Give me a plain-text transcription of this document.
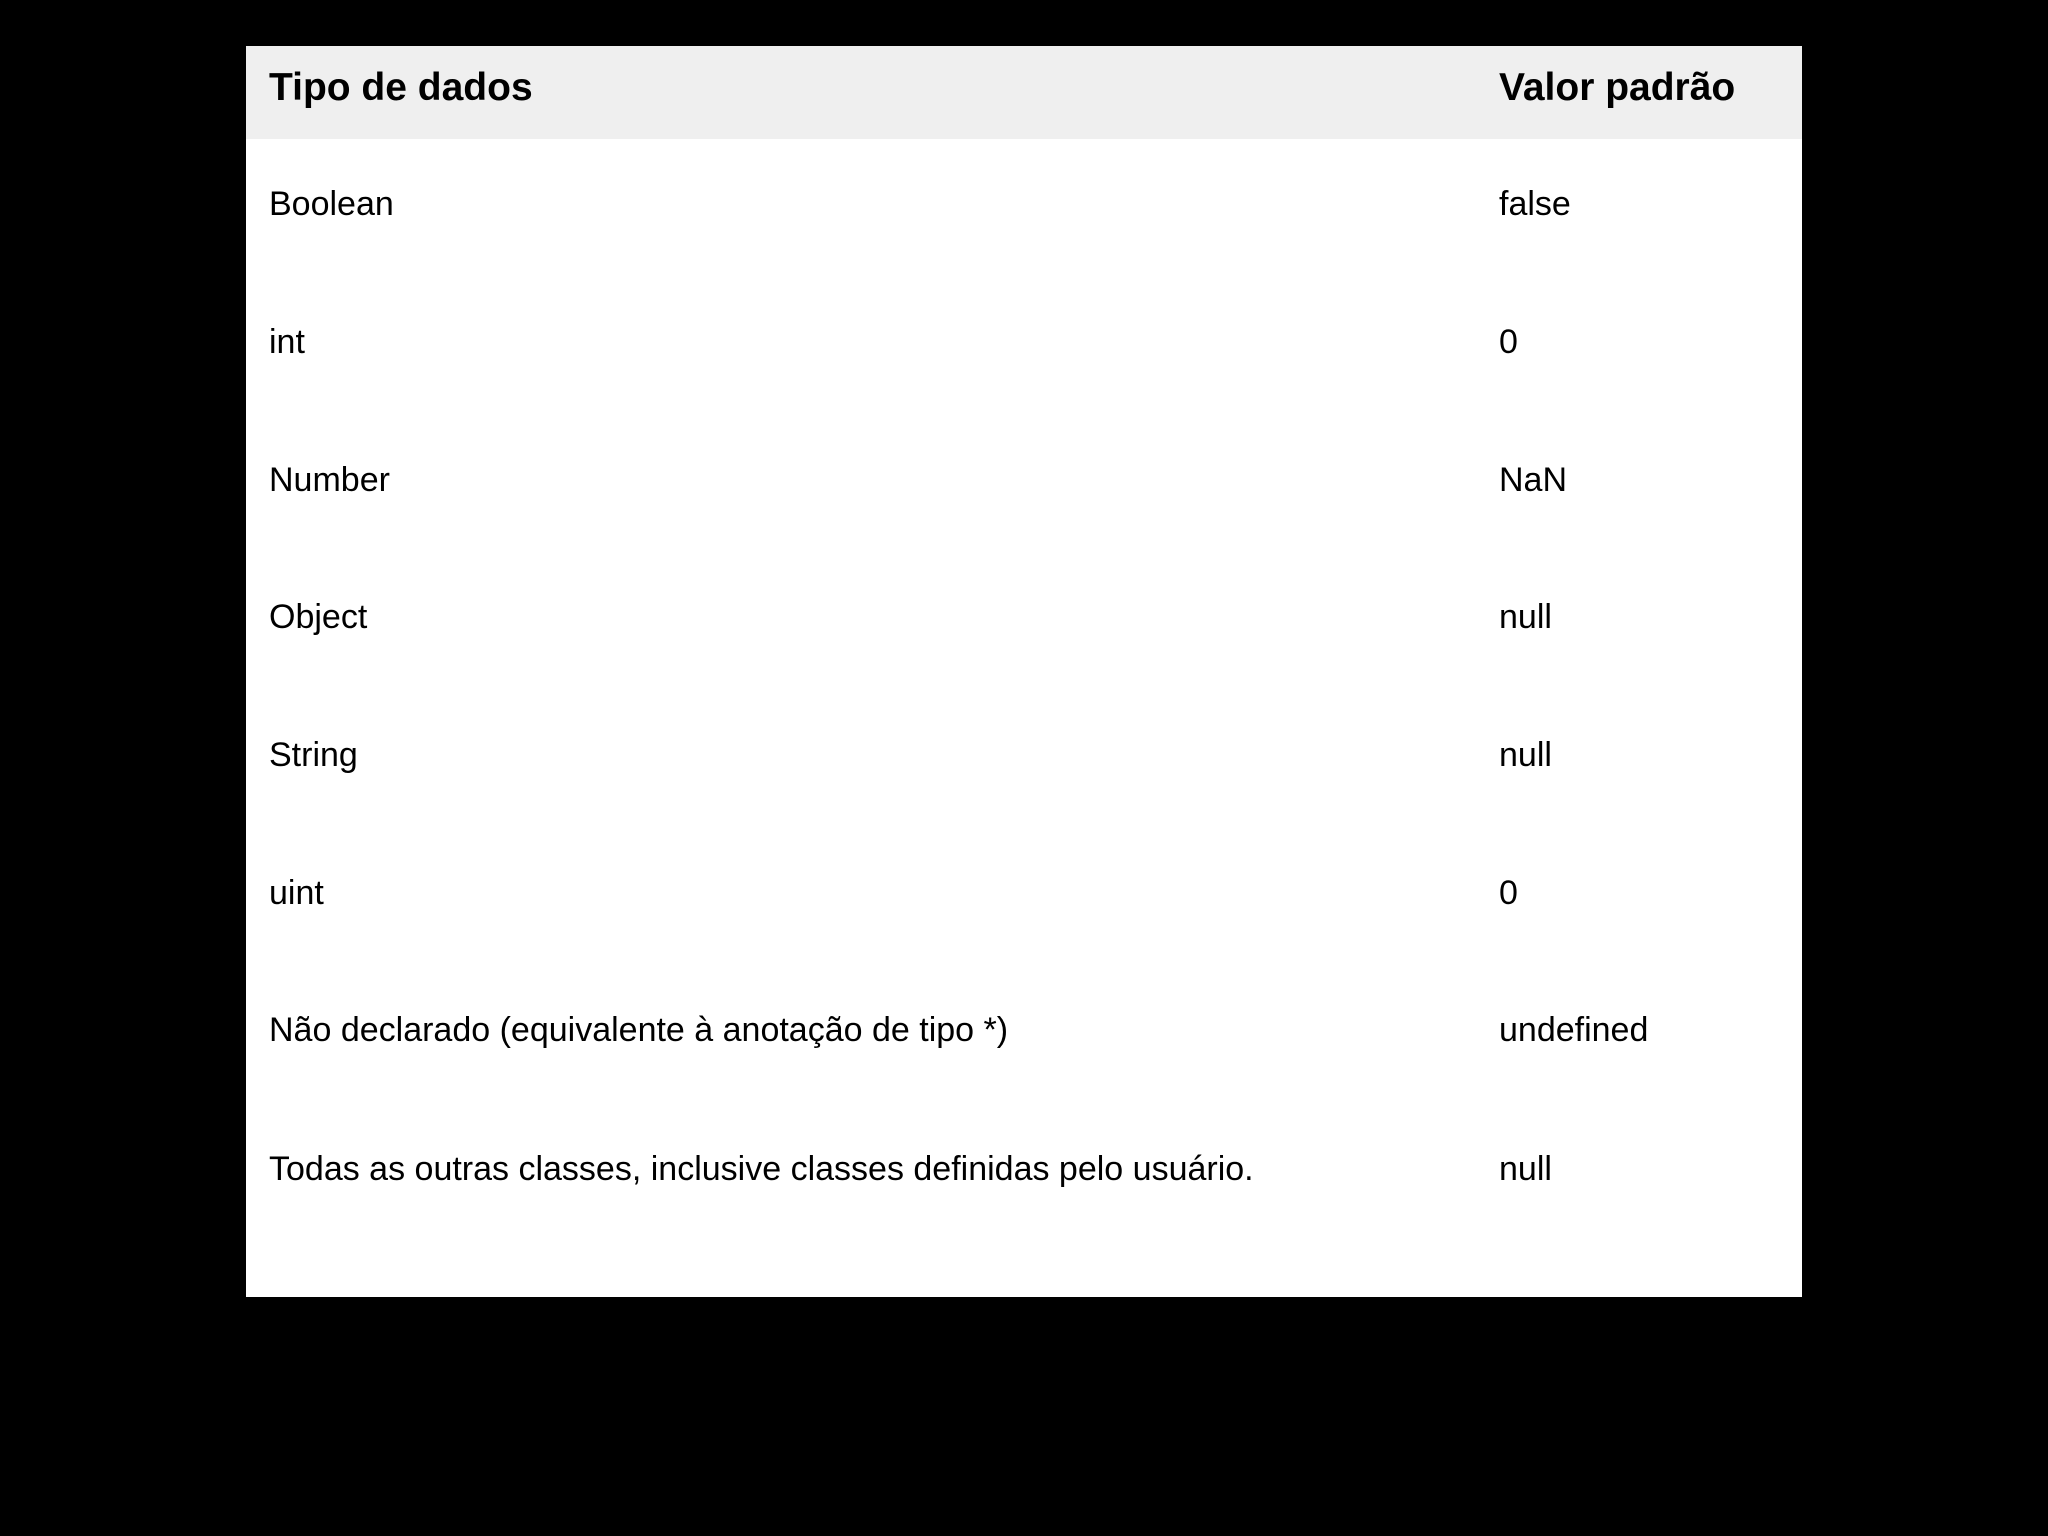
Tipo de dados	Valor padrão
Boolean	false
int	0
Number	NaN
Object	null
String	null
uint	0
Não declarado (equivalente à anotação de tipo *)	undefined
Todas as outras classes, inclusive classes definidas pelo usuário.	null
